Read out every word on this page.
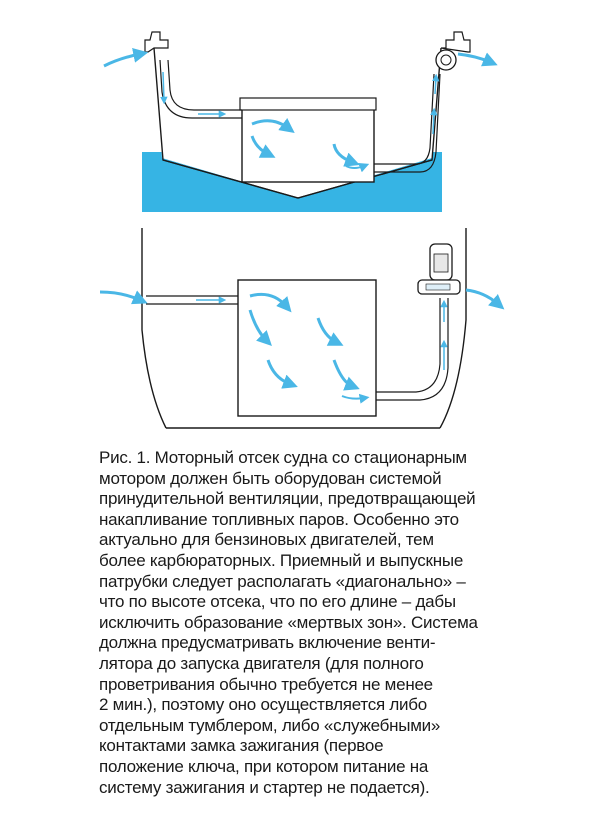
Рис. 1. Моторный отсек судна со стационарным
мотором должен быть оборудован системой
принудительной вентиляции, предотвращающей
накапливание топливных паров. Особенно это
актуально для бензиновых двигателей, тем
более карбюраторных. Приемный и выпускные
патрубки следует располагать «диагонально» –
что по высоте отсека, что по его длине – дабы
исключить образование «мертвых зон». Система
должна предусматривать включение венти-
лятора до запуска двигателя (для полного
проветривания обычно требуется не менее
2 мин.), поэтому оно осуществляется либо
отдельным тумблером, либо «служебными»
контактами замка зажигания (первое
положение ключа, при котором питание на
систему зажигания и стартер не подается).
